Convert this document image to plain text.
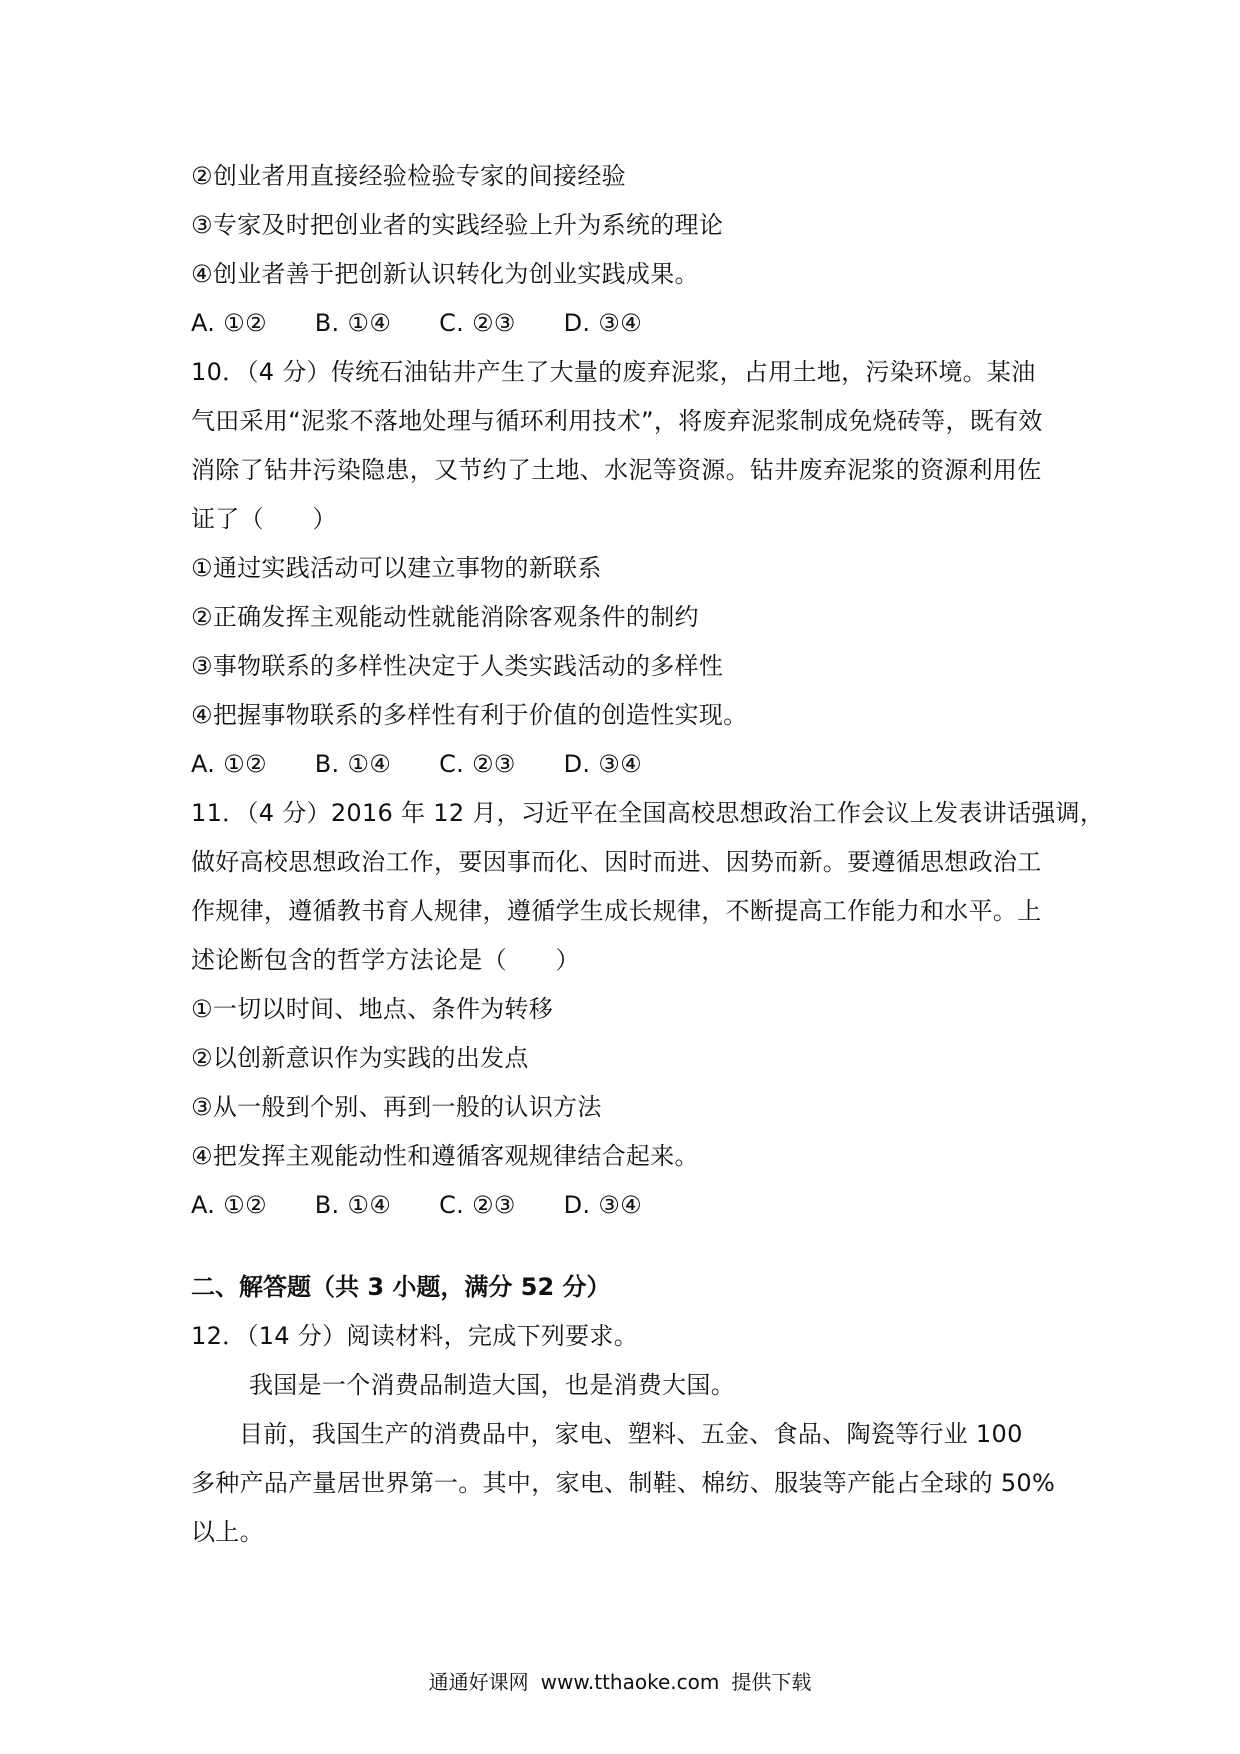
②创业者用直接经验检验专家的间接经验
③专家及时把创业者的实践经验上升为系统的理论
④创业者善于把创新认识转化为创业实践成果。
A. ①② B. ①④ C. ②③ D. ③④
10．（4 分）传统石油钻井产生了大量的废弃泥浆，占用土地，污染环境。某油
气田采用“泥浆不落地处理与循环利用技术”，将废弃泥浆制成免烧砖等，既有效
消除了钻井污染隐患，又节约了土地、水泥等资源。钻井废弃泥浆的资源利用佐
证了（　　）
①通过实践活动可以建立事物的新联系
②正确发挥主观能动性就能消除客观条件的制约
③事物联系的多样性决定于人类实践活动的多样性
④把握事物联系的多样性有利于价值的创造性实现。
A. ①② B. ①④ C. ②③ D. ③④
11．（4 分）2016 年 12 月，习近平在全国高校思想政治工作会议上发表讲话强调，
做好高校思想政治工作，要因事而化、因时而进、因势而新。要遵循思想政治工
作规律，遵循教书育人规律，遵循学生成长规律，不断提高工作能力和水平。上
述论断包含的哲学方法论是（　　）
①一切以时间、地点、条件为转移
②以创新意识作为实践的出发点
③从一般到个别、再到一般的认识方法
④把发挥主观能动性和遵循客观规律结合起来。
A. ①② B. ①④ C. ②③ D. ③④
二、解答题（共 3 小题，满分 52 分）
12．（14 分）阅读材料，完成下列要求。
我国是一个消费品制造大国，也是消费大国。
目前，我国生产的消费品中，家电、塑料、五金、食品、陶瓷等行业 100
多种产品产量居世界第一。其中，家电、制鞋、棉纺、服装等产能占全球的 50%
以上。
通通好课网 www.tthaoke.com 提供下载
